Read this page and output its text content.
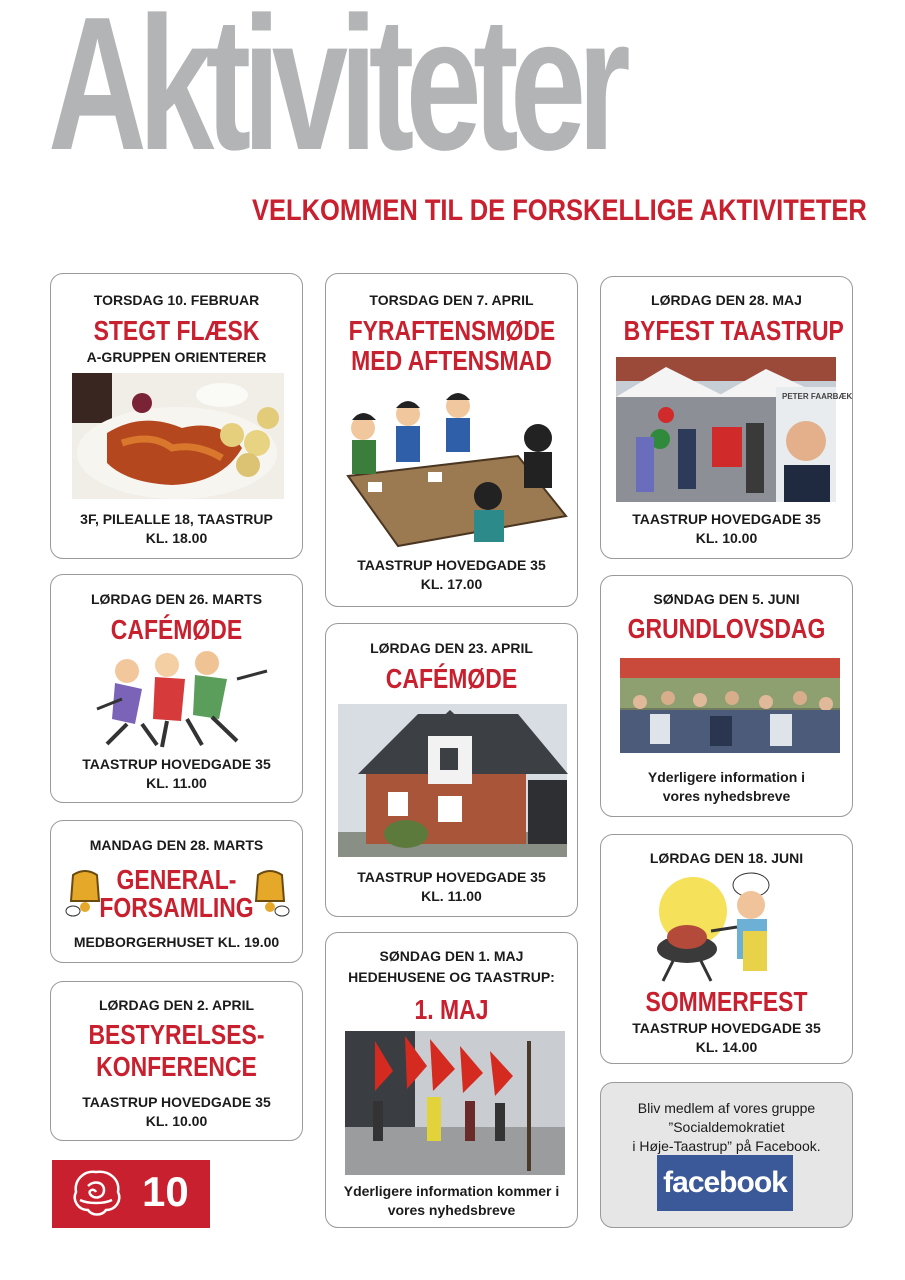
Aktiviteter
VELKOMMEN TIL DE FORSKELLIGE AKTIVITETER
TORSDAG 10. FEBRUAR
STEGT FLÆSK
A-GRUPPEN ORIENTERER
3F, PILEALLE 18, TAASTRUP
KL. 18.00
LØRDAG DEN 26. MARTS
CAFÉMØDE
TAASTRUP HOVEDGADE 35
KL. 11.00
MANDAG DEN 28. MARTS
GENERAL-
FORSAMLING
MEDBORGERHUSET KL. 19.00
LØRDAG DEN 2. APRIL
BESTYRELSES-
KONFERENCE
TAASTRUP HOVEDGADE 35
KL. 10.00
TORSDAG DEN 7. APRIL
FYRAFTENSMØDE
MED AFTENSMAD
TAASTRUP HOVEDGADE 35
KL. 17.00
LØRDAG DEN 23. APRIL
CAFÉMØDE
TAASTRUP HOVEDGADE 35
KL. 11.00
SØNDAG DEN 1. MAJ
HEDEHUSENE OG TAASTRUP:
1. MAJ
Yderligere information kommer i
vores nyhedsbreve
LØRDAG DEN 28. MAJ
BYFEST TAASTRUP
PETER FAARBÆK
TAASTRUP HOVEDGADE 35
KL. 10.00
SØNDAG DEN 5. JUNI
GRUNDLOVSDAG
Yderligere information i
vores nyhedsbreve
LØRDAG DEN 18. JUNI
SOMMERFEST
TAASTRUP HOVEDGADE 35
KL. 14.00
Bliv medlem af vores gruppe
”Socialdemokratiet
i Høje-Taastrup” på Facebook.
facebook
10
